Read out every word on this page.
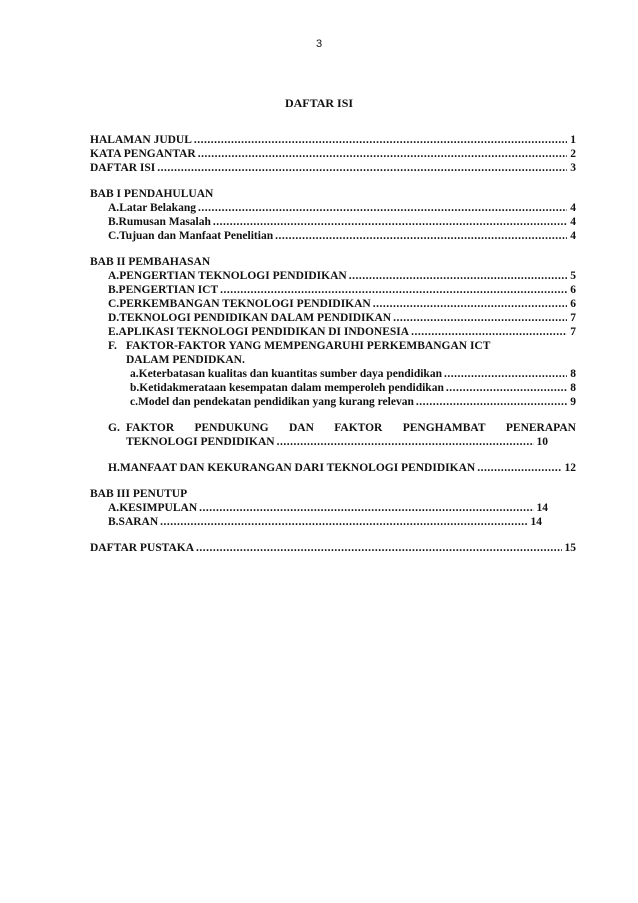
3
DAFTAR ISI
HALAMAN JUDUL .....	1
KATA PENGANTAR .....	2
DAFTAR ISI .....	3
BAB I PENDAHULUAN
A. Latar Belakang .....	4
B. Rumusan Masalah .....	4
C. Tujuan dan Manfaat Penelitian .....	4
BAB II PEMBAHASAN
A. PENGERTIAN TEKNOLOGI PENDIDIKAN .....	5
B. PENGERTIAN ICT .....	6
C. PERKEMBANGAN TEKNOLOGI PENDIDIKAN .....	6
D. TEKNOLOGI PENDIDIKAN DALAM PENDIDIKAN .....	7
E. APLIKASI TEKNOLOGI PENDIDIKAN DI INDONESIA .....	7
F. FAKTOR-FAKTOR YANG MEMPENGARUHI PERKEMBANGAN ICT
DALAM PENDIDKAN.
a. Keterbatasan kualitas dan kuantitas sumber daya pendidikan .....	8
b. Ketidakmerataan kesempatan dalam memperoleh pendidikan .....	8
c. Model dan pendekatan pendidikan yang kurang relevan .....	9
G. FAKTOR PENDUKUNG DAN FAKTOR PENGHAMBAT PENERAPAN
TEKNOLOGI PENDIDIKAN .....	10
H. MANFAAT DAN KEKURANGAN DARI TEKNOLOGI PENDIDIKAN .....	12
BAB III PENUTUP
A. KESIMPULAN .....	14
B. SARAN .....	14
DAFTAR PUSTAKA .....	15
